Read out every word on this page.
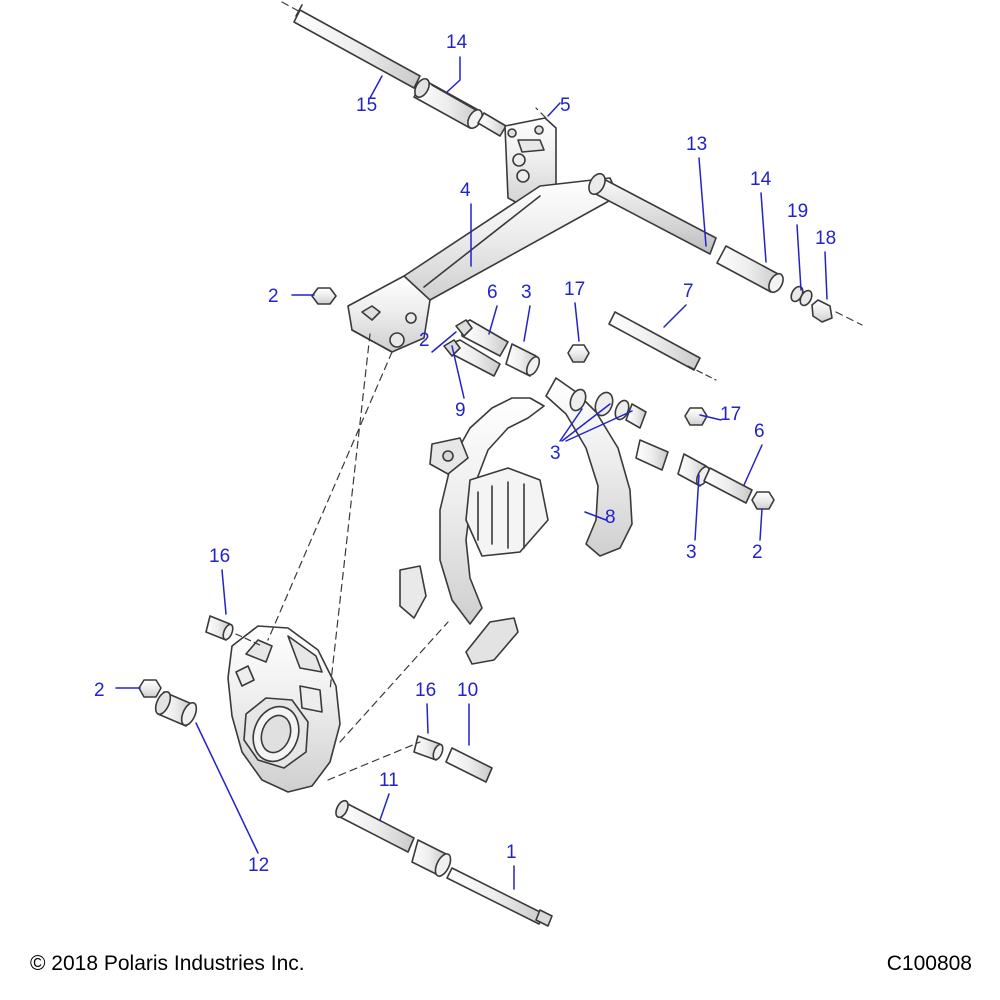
14
15	5
13
14
19
18
4
2	6 3 17	7
2
9
3
17
6
8
3	2
16
2	16 10
11
12
1
© 2018 Polaris Industries Inc.	C100808
